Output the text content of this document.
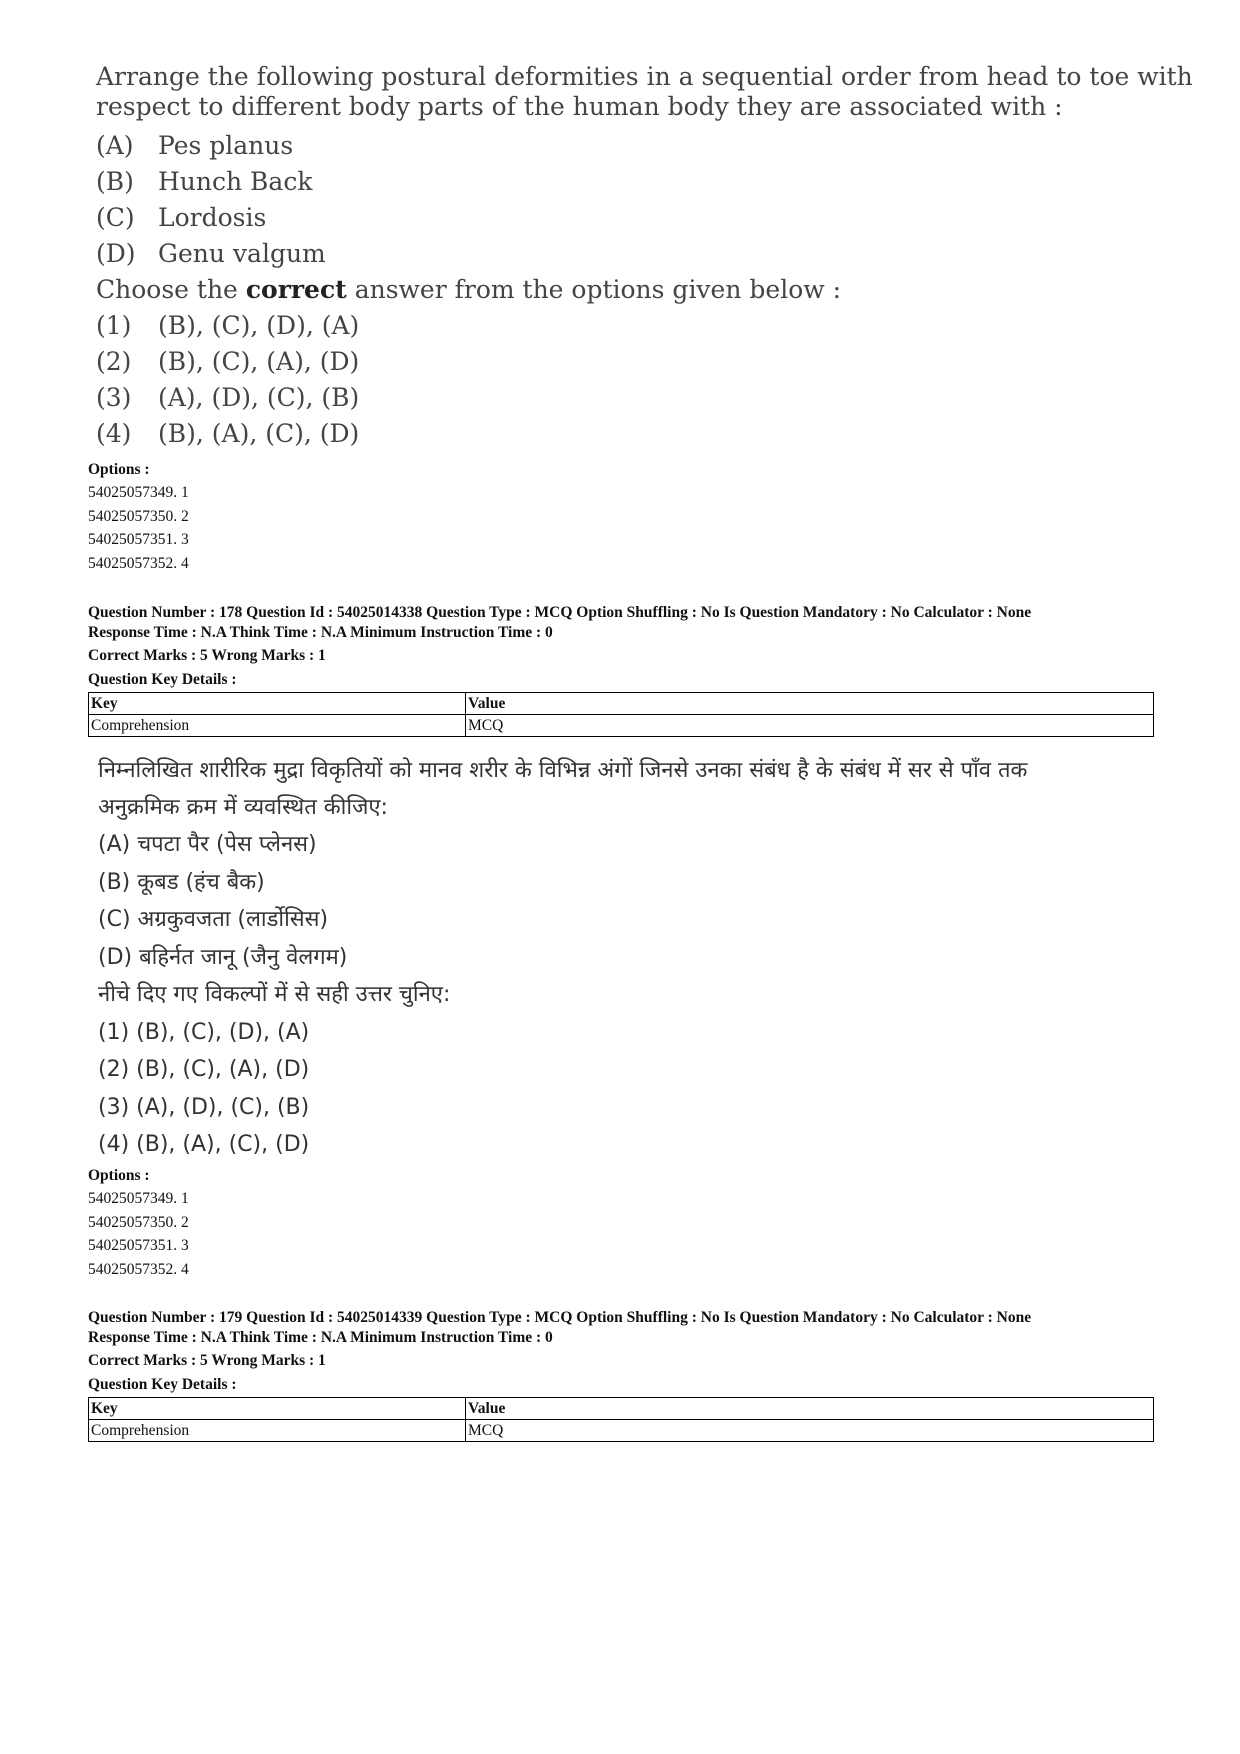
Arrange the following postural deformities in a sequential order from head to toe with respect to different body parts of the human body they are associated with :

(A) Pes planus
(B) Hunch Back
(C) Lordosis
(D) Genu valgum
Choose the correct answer from the options given below :
(1)	(B), (C), (D), (A)
(2)	(B), (C), (A), (D)
(3)	(A), (D), (C), (B)
(4)	(B), (A), (C), (D)
Options :
54025057349. 1
54025057350. 2
54025057351. 3
54025057352. 4
Question Number : 178 Question Id : 54025014338 Question Type : MCQ Option Shuffling : No Is Question Mandatory : No Calculator : None
Response Time : N.A Think Time : N.A Minimum Instruction Time : 0
Correct Marks : 5 Wrong Marks : 1
Question Key Details :
Key	Value
Comprehension	MCQ

निम्नलिखित शारीरिक मुद्रा विकृतियों को मानव शरीर के विभिन्न अंगों जिनसे उनका संबंध है के संबंध में सर से पाँव तक

अनुक्रमिक क्रम में व्यवस्थित कीजिए:

(A) चपटा पैर (पेस प्लेनस)
(B) कूबड (हंच बैक)
(C) अग्रकुवजता (लार्डोसिस)
(D) बहिर्नत जानू (जैनु वेलगम)
नीचे दिए गए विकल्पों में से सही उत्तर चुनिए:
(1) (B), (C), (D), (A)
(2) (B), (C), (A), (D)
(3) (A), (D), (C), (B)
(4) (B), (A), (C), (D)
Options :
54025057349. 1
54025057350. 2
54025057351. 3
54025057352. 4
Question Number : 179 Question Id : 54025014339 Question Type : MCQ Option Shuffling : No Is Question Mandatory : No Calculator : None
Response Time : N.A Think Time : N.A Minimum Instruction Time : 0
Correct Marks : 5 Wrong Marks : 1
Question Key Details :
Key	Value
Comprehension	MCQ
